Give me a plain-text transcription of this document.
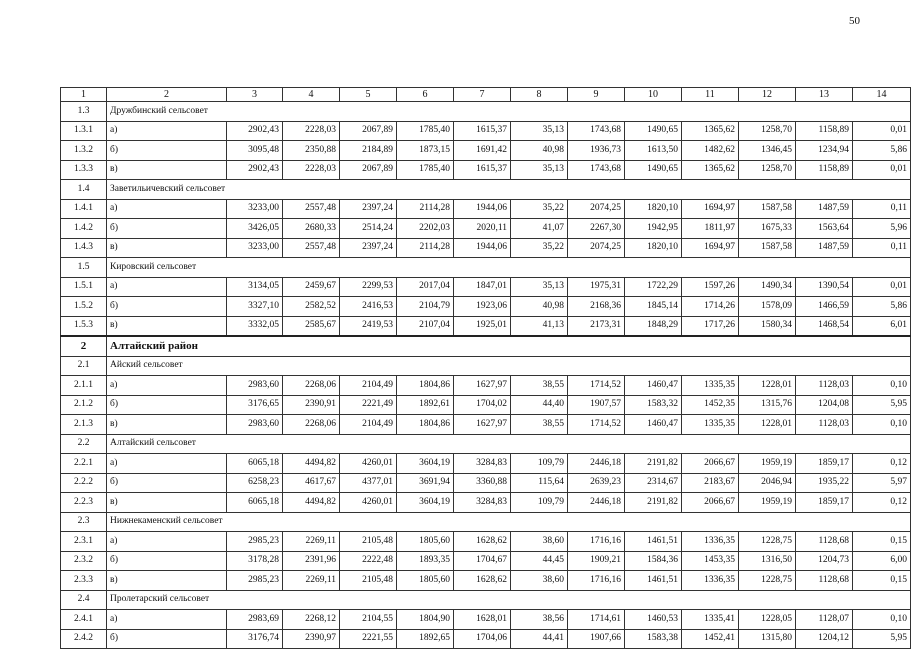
50
1	2	3	4	5	6	7	8	9	10	11	12	13	14
1.3	Дружбинский сельсовет												
1.3.1	а)	2902,43	2228,03	2067,89	1785,40	1615,37	35,13	1743,68	1490,65	1365,62	1258,70	1158,89	0,01
1.3.2	б)	3095,48	2350,88	2184,89	1873,15	1691,42	40,98	1936,73	1613,50	1482,62	1346,45	1234,94	5,86
1.3.3	в)	2902,43	2228,03	2067,89	1785,40	1615,37	35,13	1743,68	1490,65	1365,62	1258,70	1158,89	0,01
1.4	Заветильичевский сельсовет												
1.4.1	а)	3233,00	2557,48	2397,24	2114,28	1944,06	35,22	2074,25	1820,10	1694,97	1587,58	1487,59	0,11
1.4.2	б)	3426,05	2680,33	2514,24	2202,03	2020,11	41,07	2267,30	1942,95	1811,97	1675,33	1563,64	5,96
1.4.3	в)	3233,00	2557,48	2397,24	2114,28	1944,06	35,22	2074,25	1820,10	1694,97	1587,58	1487,59	0,11
1.5	Кировский сельсовет												
1.5.1	а)	3134,05	2459,67	2299,53	2017,04	1847,01	35,13	1975,31	1722,29	1597,26	1490,34	1390,54	0,01
1.5.2	б)	3327,10	2582,52	2416,53	2104,79	1923,06	40,98	2168,36	1845,14	1714,26	1578,09	1466,59	5,86
1.5.3	в)	3332,05	2585,67	2419,53	2107,04	1925,01	41,13	2173,31	1848,29	1717,26	1580,34	1468,54	6,01
2	Алтайский район												
2.1	Айский сельсовет												
2.1.1	а)	2983,60	2268,06	2104,49	1804,86	1627,97	38,55	1714,52	1460,47	1335,35	1228,01	1128,03	0,10
2.1.2	б)	3176,65	2390,91	2221,49	1892,61	1704,02	44,40	1907,57	1583,32	1452,35	1315,76	1204,08	5,95
2.1.3	в)	2983,60	2268,06	2104,49	1804,86	1627,97	38,55	1714,52	1460,47	1335,35	1228,01	1128,03	0,10
2.2	Алтайский сельсовет												
2.2.1	а)	6065,18	4494,82	4260,01	3604,19	3284,83	109,79	2446,18	2191,82	2066,67	1959,19	1859,17	0,12
2.2.2	б)	6258,23	4617,67	4377,01	3691,94	3360,88	115,64	2639,23	2314,67	2183,67	2046,94	1935,22	5,97
2.2.3	в)	6065,18	4494,82	4260,01	3604,19	3284,83	109,79	2446,18	2191,82	2066,67	1959,19	1859,17	0,12
2.3	Нижнекаменский сельсовет												
2.3.1	а)	2985,23	2269,11	2105,48	1805,60	1628,62	38,60	1716,16	1461,51	1336,35	1228,75	1128,68	0,15
2.3.2	б)	3178,28	2391,96	2222,48	1893,35	1704,67	44,45	1909,21	1584,36	1453,35	1316,50	1204,73	6,00
2.3.3	в)	2985,23	2269,11	2105,48	1805,60	1628,62	38,60	1716,16	1461,51	1336,35	1228,75	1128,68	0,15
2.4	Пролетарский сельсовет												
2.4.1	а)	2983,69	2268,12	2104,55	1804,90	1628,01	38,56	1714,61	1460,53	1335,41	1228,05	1128,07	0,10
2.4.2	б)	3176,74	2390,97	2221,55	1892,65	1704,06	44,41	1907,66	1583,38	1452,41	1315,80	1204,12	5,95
